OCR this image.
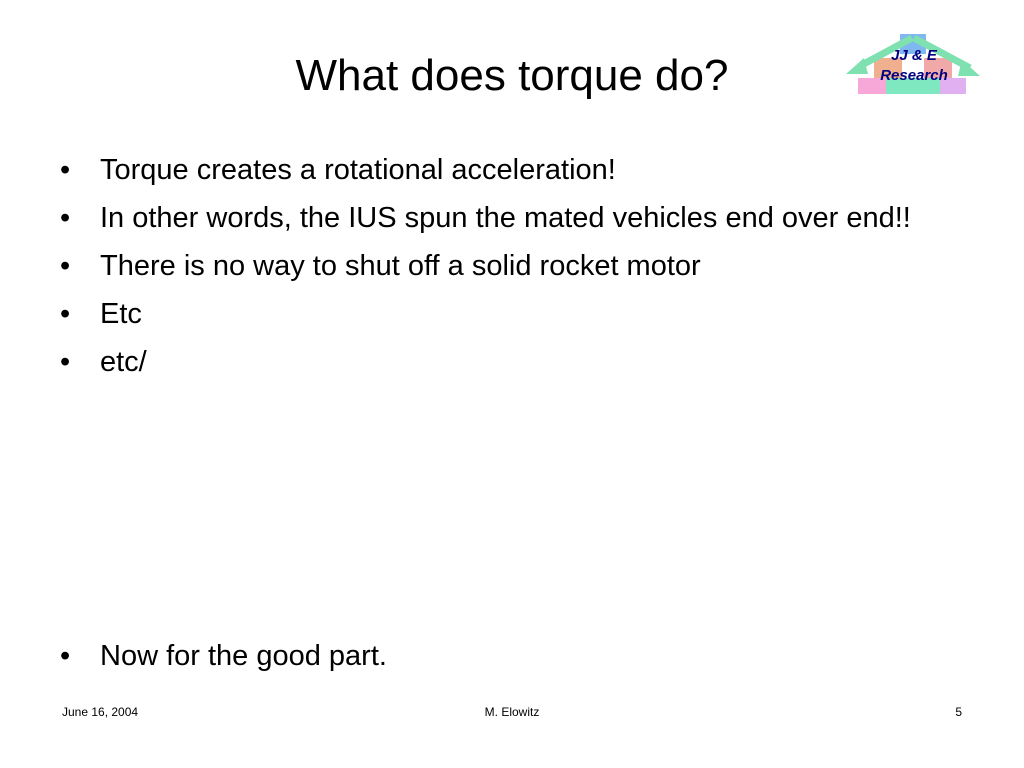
What does torque do?	JJ & E
Research
• Torque creates a rotational acceleration!
• In other words, the IUS spun the mated vehicles end over end!!
• There is no way to shut off a solid rocket motor
• Etc
• etc/
• Now for the good part.
June 16, 2004	M. Elowitz	5
